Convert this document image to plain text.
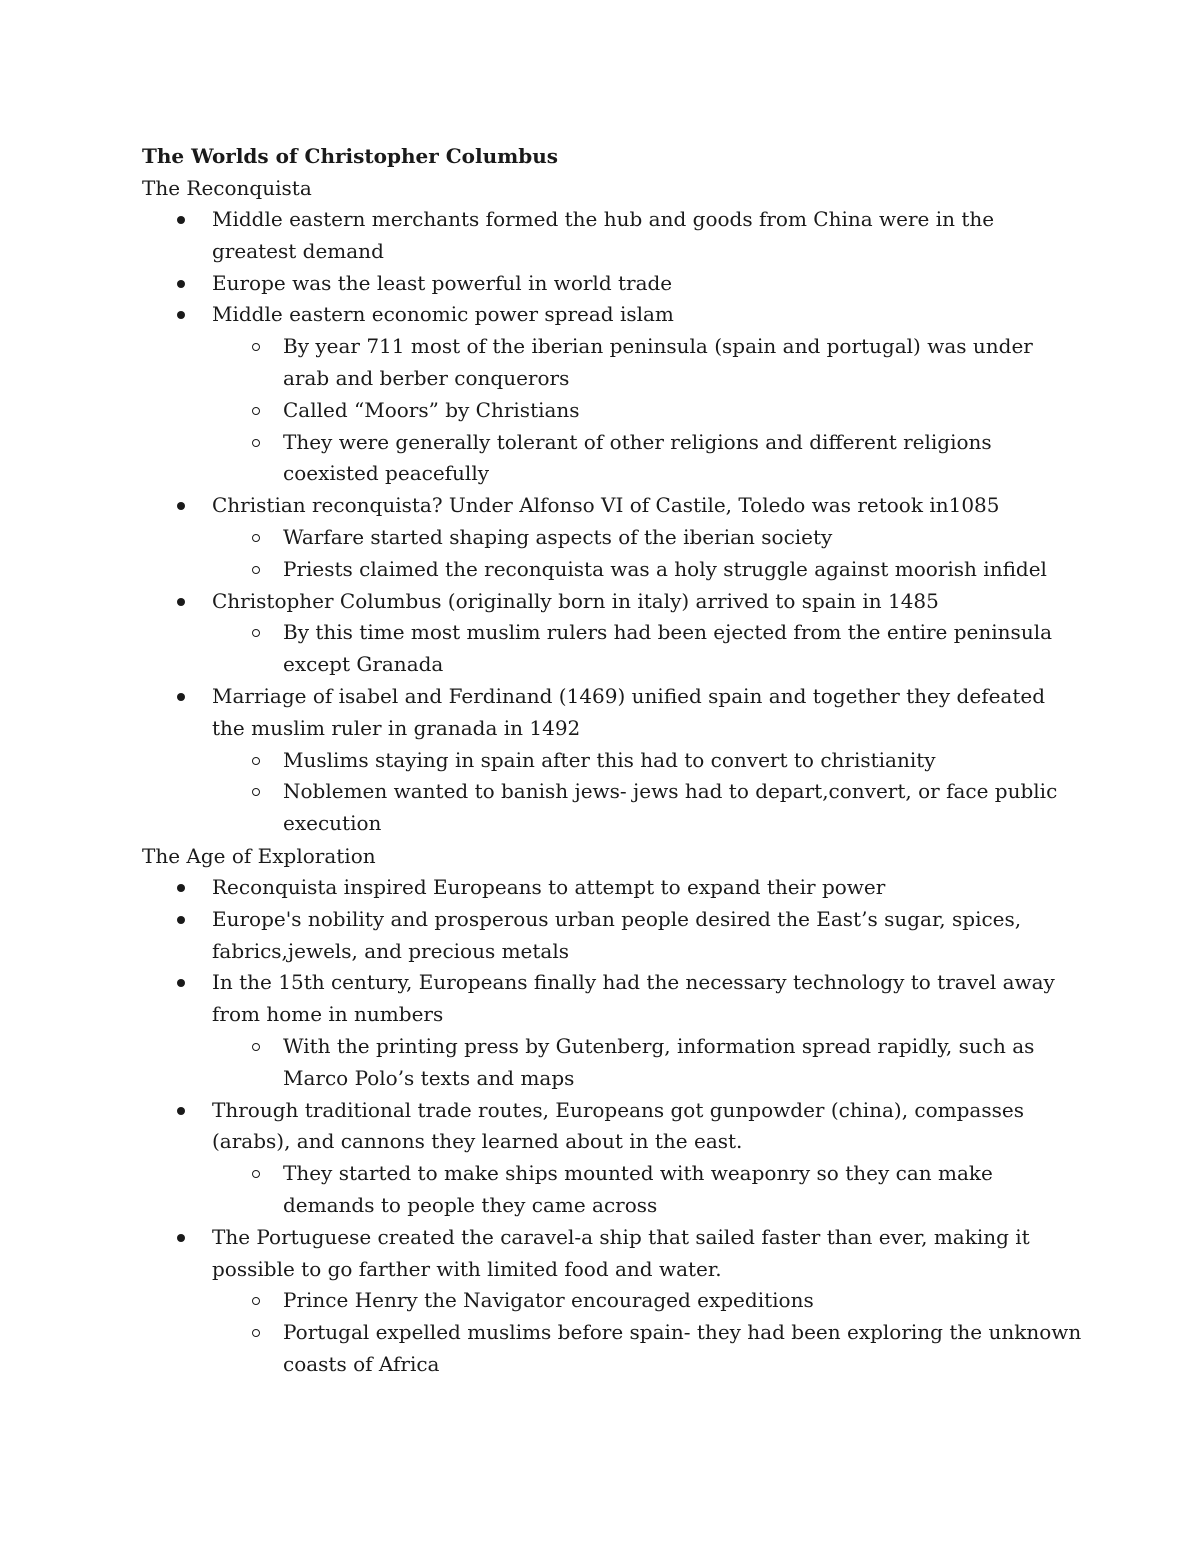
The Worlds of Christopher Columbus
The Reconquista
Middle eastern merchants formed the hub and goods from China were in the greatest demand
Europe was the least powerful in world trade
Middle eastern economic power spread islam
By year 711 most of the iberian peninsula (spain and portugal) was under arab and berber conquerors
Called “Moors” by Christians
They were generally tolerant of other religions and different religions coexisted peacefully
Christian reconquista? Under Alfonso VI of Castile, Toledo was retook in1085
Warfare started shaping aspects of the iberian society
Priests claimed the reconquista was a holy struggle against moorish infidel
Christopher Columbus (originally born in italy) arrived to spain in 1485
By this time most muslim rulers had been ejected from the entire peninsula except Granada
Marriage of isabel and Ferdinand (1469) unified spain and together they defeated the muslim ruler in granada in 1492
Muslims staying in spain after this had to convert to christianity
Noblemen wanted to banish jews- jews had to depart,convert, or face public execution
The Age of Exploration
Reconquista inspired Europeans to attempt to expand their power
Europe's nobility and prosperous urban people desired the East’s sugar, spices, fabrics,jewels, and precious metals
In the 15th century, Europeans finally had the necessary technology to travel away from home in numbers
With the printing press by Gutenberg, information spread rapidly, such as Marco Polo’s texts and maps
Through traditional trade routes, Europeans got gunpowder (china), compasses (arabs), and cannons they learned about in the east.
They started to make ships mounted with weaponry so they can make demands to people they came across
The Portuguese created the caravel-a ship that sailed faster than ever, making it possible to go farther with limited food and water.
Prince Henry the Navigator encouraged expeditions
Portugal expelled muslims before spain- they had been exploring the unknown coasts of Africa
